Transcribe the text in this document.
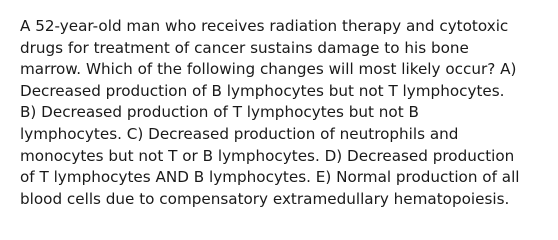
A 52-year-old man who receives radiation therapy and cytotoxic
drugs for treatment of cancer sustains damage to his bone
marrow. Which of the following changes will most likely occur? A)
Decreased production of B lymphocytes but not T lymphocytes.
B) Decreased production of T lymphocytes but not B
lymphocytes. C) Decreased production of neutrophils and
monocytes but not T or B lymphocytes. D) Decreased production
of T lymphocytes AND B lymphocytes. E) Normal production of all
blood cells due to compensatory extramedullary hematopoiesis.
